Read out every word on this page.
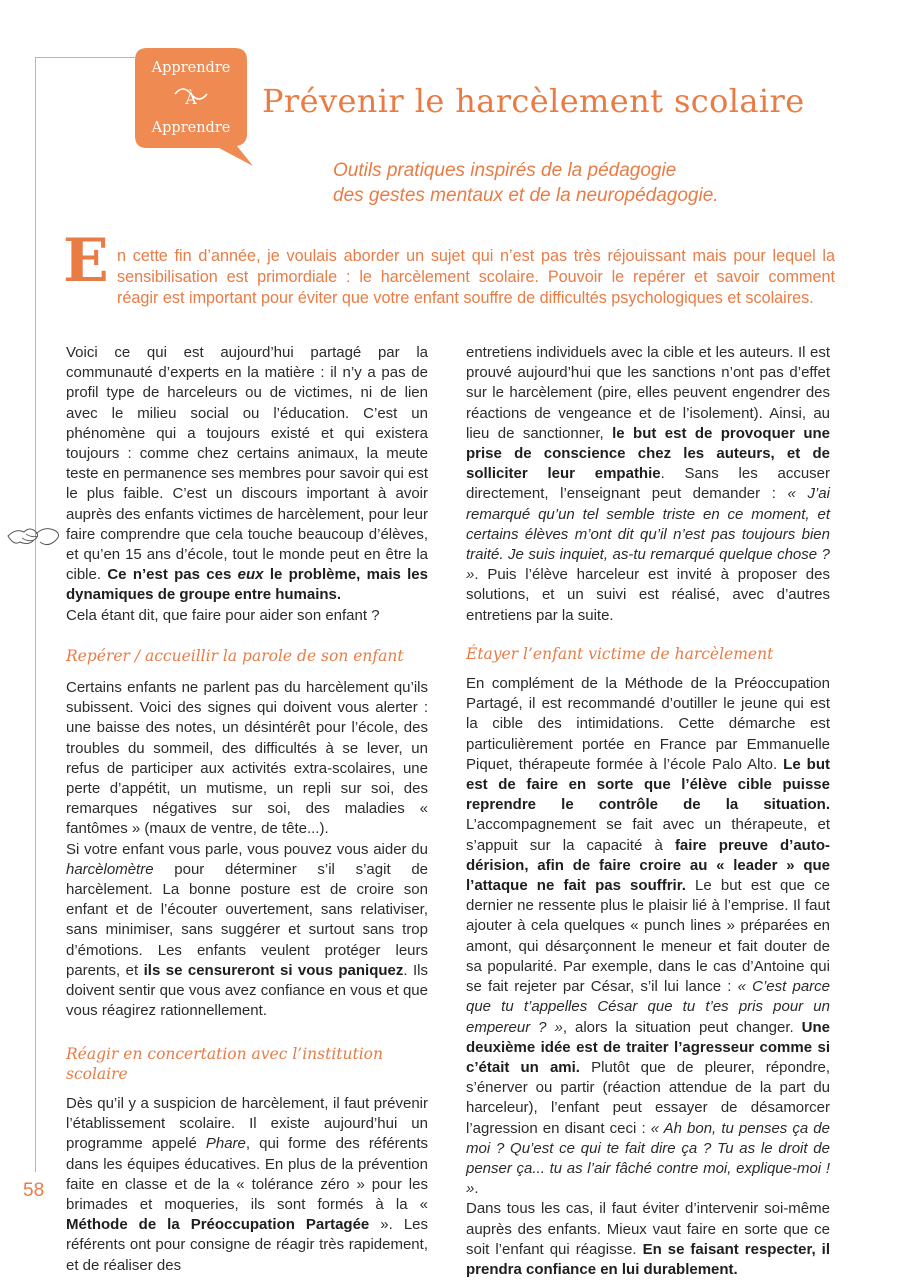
Apprendre
À
Apprendre
Prévenir le harcèlement scolaire
Outils pratiques inspirés de la pédagogie
des gestes mentaux et de la neuropédagogie.
E n cette fin d’année, je voulais aborder un sujet qui n’est pas très réjouissant mais pour lequel la
sensibilisation est primordiale : le harcèlement scolaire. Pouvoir le repérer et savoir comment
réagir est important pour éviter que votre enfant souffre de difficultés psychologiques et scolaires.

Voici ce qui est aujourd’hui partagé par la communauté d’experts en la matière : il n’y a pas de profil type de harceleurs ou de victimes, ni de lien avec le milieu social ou l’éducation. C’est un phénomène qui a toujours existé et qui existera toujours : comme chez certains animaux, la meute teste en permanence ses membres pour savoir qui est le plus faible. C’est un discours important à avoir auprès des enfants victimes de harcèlement, pour leur faire comprendre que cela touche beaucoup d’élèves, et qu’en 15 ans d’école, tout le monde peut en être la cible. Ce n’est pas ces eux le problème, mais les dynamiques de groupe entre humains.

Cela étant dit, que faire pour aider son enfant ?

Repérer / accueillir la parole de son enfant

Certains enfants ne parlent pas du harcèlement qu’ils subissent. Voici des signes qui doivent vous alerter : une baisse des notes, un désintérêt pour l’école, des troubles du sommeil, des difficultés à se lever, un refus de participer aux activités extra-scolaires, une perte d’appétit, un mutisme, un repli sur soi, des remarques négatives sur soi, des maladies « fantômes » (maux de ventre, de tête...).

Si votre enfant vous parle, vous pouvez vous aider du harcèlomètre pour déterminer s’il s’agit de harcèlement. La bonne posture est de croire son enfant et de l’écouter ouvertement, sans relativiser, sans minimiser, sans suggérer et surtout sans trop d’émotions. Les enfants veulent protéger leurs parents, et ils se censureront si vous paniquez. Ils doivent sentir que vous avez confiance en vous et que vous réagirez rationnellement.

Réagir en concertation avec l’institution scolaire

Dès qu’il y a suspicion de harcèlement, il faut prévenir l’établissement scolaire. Il existe aujourd’hui un programme appelé Phare, qui forme des référents dans les équipes éducatives. En plus de la prévention faite en classe et de la « tolérance zéro » pour les brimades et moqueries, ils sont formés à la « Méthode de la Préoccupation Partagée ». Les référents ont pour consigne de réagir très rapidement, et de réaliser des

entretiens individuels avec la cible et les auteurs. Il est prouvé aujourd’hui que les sanctions n’ont pas d’effet sur le harcèlement (pire, elles peuvent engendrer des réactions de vengeance et de l’isolement). Ainsi, au lieu de sanctionner, le but est de provoquer une prise de conscience chez les auteurs, et de solliciter leur empathie. Sans les accuser directement, l’enseignant peut demander : « J’ai remarqué qu’un tel semble triste en ce moment, et certains élèves m’ont dit qu’il n’est pas toujours bien traité. Je suis inquiet, as-tu remarqué quelque chose ? ». Puis l’élève harceleur est invité à proposer des solutions, et un suivi est réalisé, avec d’autres entretiens par la suite.

Étayer l’enfant victime de harcèlement

En complément de la Méthode de la Préoccupation Partagé, il est recommandé d’outiller le jeune qui est la cible des intimidations. Cette démarche est particulièrement portée en France par Emmanuelle Piquet, thérapeute formée à l’école Palo Alto. Le but est de faire en sorte que l’élève cible puisse reprendre le contrôle de la situation. L’accompagnement se fait avec un thérapeute, et s’appuit sur la capacité à faire preuve d’auto-dérision, afin de faire croire au « leader » que l’attaque ne fait pas souffrir. Le but est que ce dernier ne ressente plus le plaisir lié à l’emprise. Il faut ajouter à cela quelques « punch lines » préparées en amont, qui désarçonnent le meneur et fait douter de sa popularité. Par exemple, dans le cas d’Antoine qui se fait rejeter par César, s’il lui lance : « C’est parce que tu t’appelles César que tu t’es pris pour un empereur ? », alors la situation peut changer. Une deuxième idée est de traiter l’agresseur comme si c’était un ami. Plutôt que de pleurer, répondre, s’énerver ou partir (réaction attendue de la part du harceleur), l’enfant peut essayer de désamorcer l’agression en disant ceci : « Ah bon, tu penses ça de moi ? Qu’est ce qui te fait dire ça ? Tu as le droit de penser ça... tu as l’air fâché contre moi, explique-moi ! ».

Dans tous les cas, il faut éviter d’intervenir soi-même auprès des enfants. Mieux vaut faire en sorte que ce soit l’enfant qui réagisse. En se faisant respecter, il prendra confiance en lui durablement.

58
